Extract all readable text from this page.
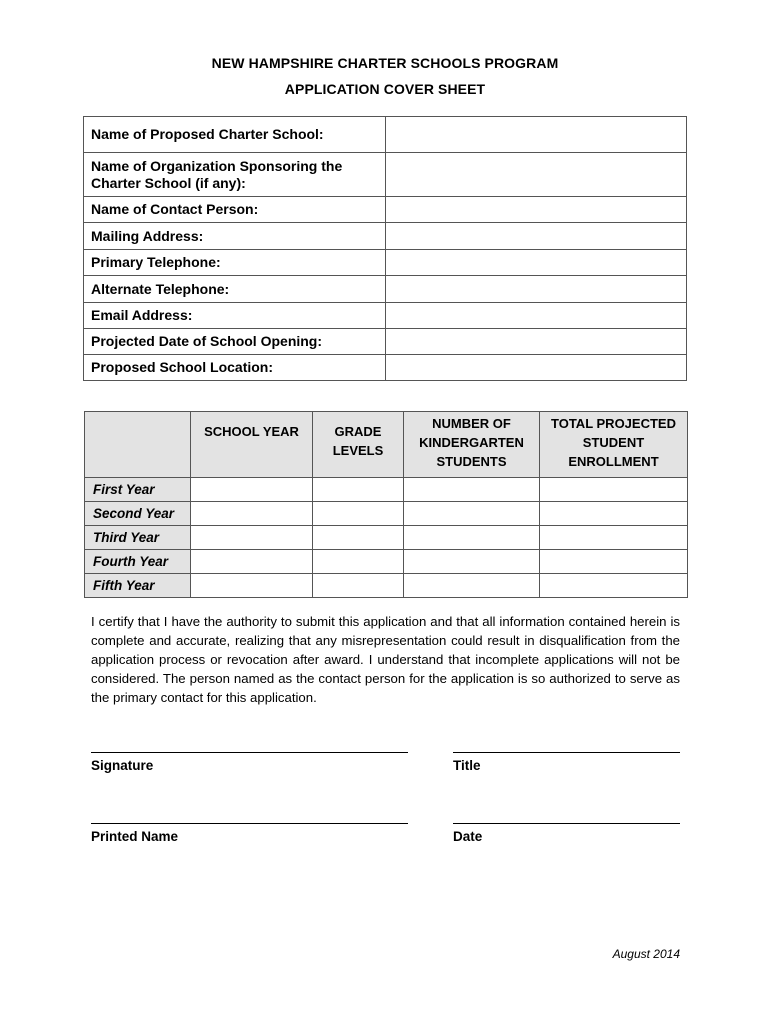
NEW HAMPSHIRE CHARTER SCHOOLS PROGRAM
APPLICATION COVER SHEET
Name of Proposed Charter School:	
Name of Organization Sponsoring the Charter School (if any):	
Name of Contact Person:	
Mailing Address:	
Primary Telephone:	
Alternate Telephone:	
Email Address:	
Projected Date of School Opening:	
Proposed School Location:	
	SCHOOL YEAR	GRADE LEVELS	NUMBER OF KINDERGARTEN STUDENTS	TOTAL PROJECTED STUDENT ENROLLMENT
First Year				
Second Year				
Third Year				
Fourth Year				
Fifth Year				
I certify that I have the authority to submit this application and that all information contained herein is complete and accurate, realizing that any misrepresentation could result in disqualification from the application process or revocation after award. I understand that incomplete applications will not be considered. The person named as the contact person for the application is so authorized to serve as the primary contact for this application.
Signature	Title
Printed Name	Date
August 2014
